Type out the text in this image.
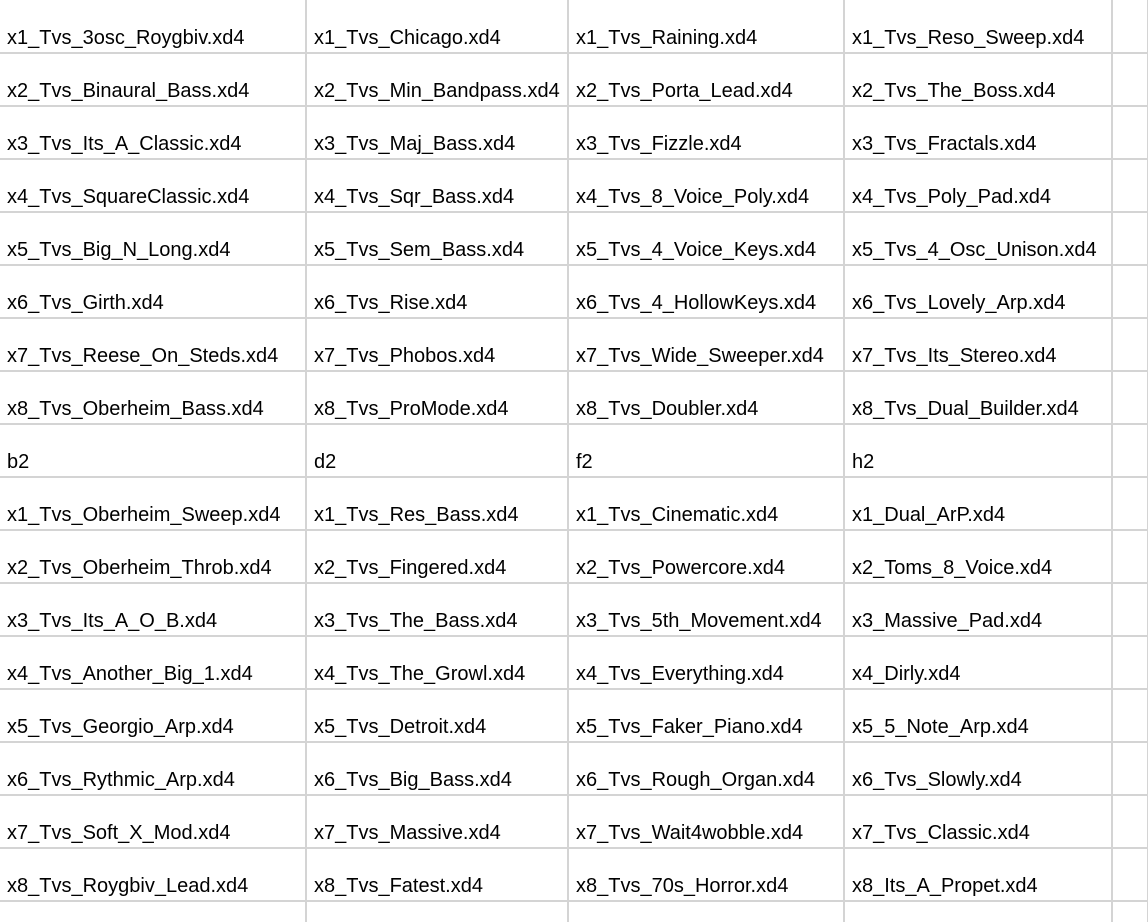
x1_Tvs_3osc_Roygbiv.xd4	x1_Tvs_Chicago.xd4	x1_Tvs_Raining.xd4	x1_Tvs_Reso_Sweep.xd4	
x2_Tvs_Binaural_Bass.xd4	x2_Tvs_Min_Bandpass.xd4	x2_Tvs_Porta_Lead.xd4	x2_Tvs_The_Boss.xd4	
x3_Tvs_Its_A_Classic.xd4	x3_Tvs_Maj_Bass.xd4	x3_Tvs_Fizzle.xd4	x3_Tvs_Fractals.xd4	
x4_Tvs_SquareClassic.xd4	x4_Tvs_Sqr_Bass.xd4	x4_Tvs_8_Voice_Poly.xd4	x4_Tvs_Poly_Pad.xd4	
x5_Tvs_Big_N_Long.xd4	x5_Tvs_Sem_Bass.xd4	x5_Tvs_4_Voice_Keys.xd4	x5_Tvs_4_Osc_Unison.xd4	
x6_Tvs_Girth.xd4	x6_Tvs_Rise.xd4	x6_Tvs_4_HollowKeys.xd4	x6_Tvs_Lovely_Arp.xd4	
x7_Tvs_Reese_On_Steds.xd4	x7_Tvs_Phobos.xd4	x7_Tvs_Wide_Sweeper.xd4	x7_Tvs_Its_Stereo.xd4	
x8_Tvs_Oberheim_Bass.xd4	x8_Tvs_ProMode.xd4	x8_Tvs_Doubler.xd4	x8_Tvs_Dual_Builder.xd4	
b2	d2	f2	h2	
x1_Tvs_Oberheim_Sweep.xd4	x1_Tvs_Res_Bass.xd4	x1_Tvs_Cinematic.xd4	x1_Dual_ArP.xd4	
x2_Tvs_Oberheim_Throb.xd4	x2_Tvs_Fingered.xd4	x2_Tvs_Powercore.xd4	x2_Toms_8_Voice.xd4	
x3_Tvs_Its_A_O_B.xd4	x3_Tvs_The_Bass.xd4	x3_Tvs_5th_Movement.xd4	x3_Massive_Pad.xd4	
x4_Tvs_Another_Big_1.xd4	x4_Tvs_The_Growl.xd4	x4_Tvs_Everything.xd4	x4_Dirly.xd4	
x5_Tvs_Georgio_Arp.xd4	x5_Tvs_Detroit.xd4	x5_Tvs_Faker_Piano.xd4	x5_5_Note_Arp.xd4	
x6_Tvs_Rythmic_Arp.xd4	x6_Tvs_Big_Bass.xd4	x6_Tvs_Rough_Organ.xd4	x6_Tvs_Slowly.xd4	
x7_Tvs_Soft_X_Mod.xd4	x7_Tvs_Massive.xd4	x7_Tvs_Wait4wobble.xd4	x7_Tvs_Classic.xd4	
x8_Tvs_Roygbiv_Lead.xd4	x8_Tvs_Fatest.xd4	x8_Tvs_70s_Horror.xd4	x8_Its_A_Propet.xd4	
